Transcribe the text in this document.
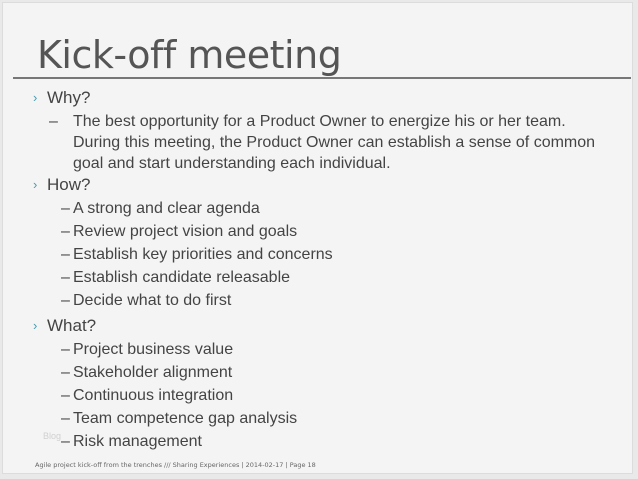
Kick-off meeting
› Why?
– The best opportunity for a Product Owner to energize his or her team. During this meeting, the Product Owner can establish a sense of common goal and start understanding each individual.
› How?
– A strong and clear agenda
– Review project vision and goals
– Establish key priorities and concerns
– Establish candidate releasable
– Decide what to do first
› What?
– Project business value
– Stakeholder alignment
– Continuous integration
– Team competence gap analysis
– Risk management
Blog
Agile project kick-off from the trenches /// Sharing Experiences | 2014-02-17 | Page 18
